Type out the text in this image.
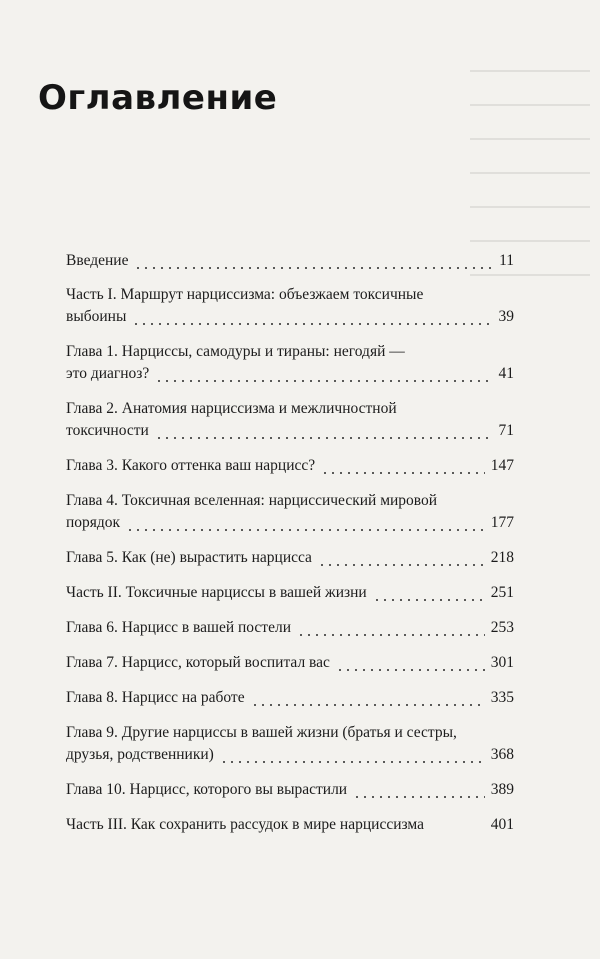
Оглавление
Введение	11
Часть I. Маршрут нарциссизма: объезжаем токсичные
выбоины	39
Глава 1. Нарциссы, самодуры и тираны: негодяй —
это диагноз?	41
Глава 2. Анатомия нарциссизма и межличностной
токсичности	71
Глава 3. Какого оттенка ваш нарцисс?	147
Глава 4. Токсичная вселенная: нарциссический мировой
порядок	177
Глава 5. Как (не) вырастить нарцисса	218
Часть II. Токсичные нарциссы в вашей жизни	251
Глава 6. Нарцисс в вашей постели	253
Глава 7. Нарцисс, который воспитал вас	301
Глава 8. Нарцисс на работе	335
Глава 9. Другие нарциссы в вашей жизни (братья и сестры,
друзья, родственники)	368
Глава 10. Нарцисс, которого вы вырастили	389
Часть III. Как сохранить рассудок в мире нарциссизма	401
